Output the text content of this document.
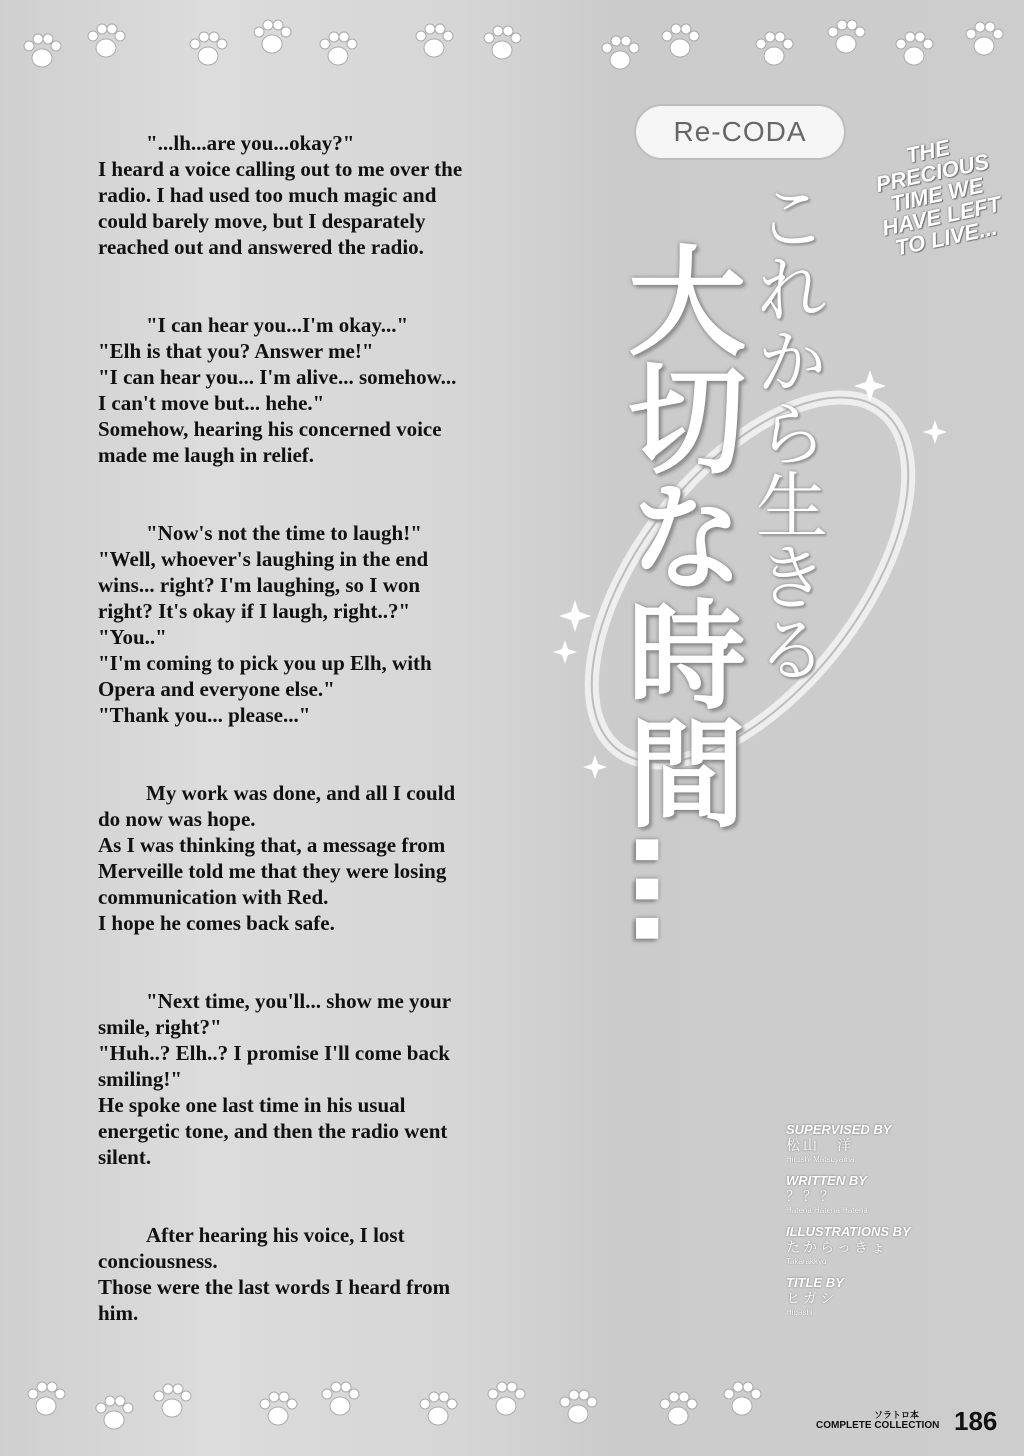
"...lh...are you...okay?"
I heard a voice calling out to me over the radio. I had used too much magic and could barely move, but I desparately reached out and answered the radio.

"I can hear you...I'm okay..."
"Elh is that you? Answer me!"
"I can hear you... I'm alive... somehow... I can't move but... hehe."
Somehow, hearing his concerned voice made me laugh in relief.

"Now's not the time to laugh!"
"Well, whoever's laughing in the end wins... right? I'm laughing, so I won right? It's okay if I laugh, right..?"
"You.."
"I'm coming to pick you up Elh, with Opera and everyone else."
"Thank you... please..."

My work was done, and all I could do now was hope.
As I was thinking that, a message from Merveille told me that they were losing communication with Red.
I hope he comes back safe.

"Next time, you'll... show me your smile, right?"
"Huh..? Elh..? I promise I'll come back smiling!"
He spoke one last time in his usual energetic tone, and then the radio went silent.

After hearing his voice, I lost conciousness.
Those were the last words I heard from him.

Re-CODA
THE PRECIOUS TIME WE HAVE LEFT TO LIVE...
これから生きる
大切な時間…
SUPERVISED BY
松山　洋
Hiroshi Matsuyama
WRITTEN BY
？？？
Hatena Hatena Hatena
ILLUSTRATIONS BY
たからっきょ
Takarakkyo
TITLE BY
ヒガシ
Higashi
ソラトロ本
COMPLETE COLLECTION 186
